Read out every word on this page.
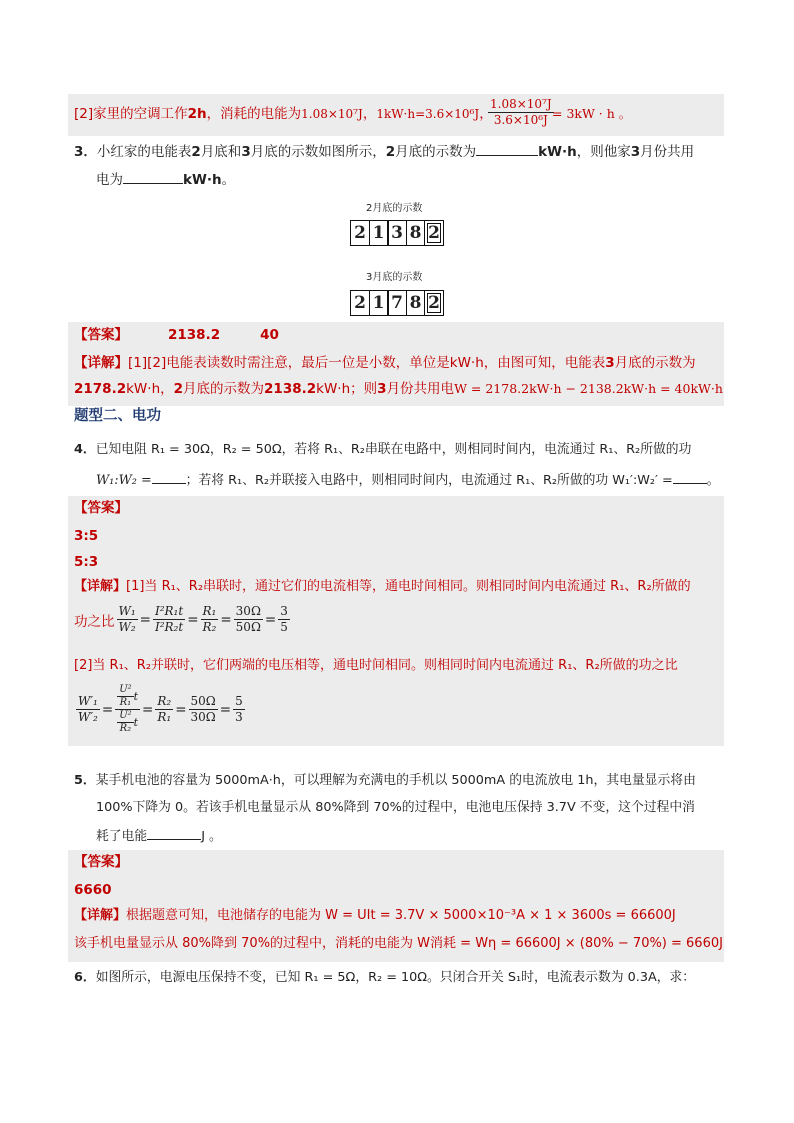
[2]家里的空调工作2h，消耗的电能为1.08×10⁷J，1kW·h=3.6×10⁶J，
$\frac{\text{1.08×10⁷J}}{\text{3.6×10⁶J}}$
= 3kW · h 。
3．小红家的电能表2月底和3月底的示数如图所示，2月底的示数为	kW·h，则他家3月份共用
电为	kW·h。
2月底的示数
2 1 3 8 2
3月底的示数
2 1 7 8 2
【答案】	2138.2	40
【详解】[1][2]电能表读数时需注意，最后一位是小数，单位是kW·h，由图可知，电能表3月底的示数为
2178.2kW·h，2月底的示数为2138.2kW·h；则3月份共用电W = 2178.2kW·h − 2138.2kW·h = 40kW·h
题型二、电功
4．已知电阻 R₁ = 30Ω，R₂ = 50Ω，若将 R₁、R₂串联在电路中，则相同时间内，电流通过 R₁、R₂所做的功
W₁:W₂ =	；若将 R₁、R₂并联接入电路中，则相同时间内，电流通过 R₁、R₂所做的功 W₁′:W₂′ =	。
【答案】
3:5
5:3
【详解】[1]当 R₁、R₂串联时，通过它们的电流相等，通电时间相同。则相同时间内电流通过 R₁、R₂所做的
功之比 $\frac{\text{W₁}}{\text{W₂}} = \frac{\text{I²R₁t}}{\text{I²R₂t}} = \frac{\text{R₁}}{\text{R₂}} = \frac{30\Omega}{50\Omega} = \frac{3}{5}$
[2]当 R₁、R₂并联时，它们两端的电压相等，通电时间相同。则相同时间内电流通过 R₁、R₂所做的功之比
$\frac{\text{W′₁}}{\text{W′₂}} = \frac{\frac{\text{U²}}{\text{R₁}} t}{\frac{\text{U²}}{\text{R₂}} t} = \frac{\text{R₂}}{\text{R₁}} = \frac{50\Omega}{30\Omega} = \frac{5}{3}$
5．某手机电池的容量为 5000mA·h，可以理解为充满电的手机以 5000mA 的电流放电 1h，其电量显示将由
100%下降为 0。若该手机电量显示从 80%降到 70%的过程中，电池电压保持 3.7V 不变，这个过程中消
耗了电能	J 。
【答案】
6660
【详解】根据题意可知，电池储存的电能为 W = UIt = 3.7V × 5000×10⁻³A × 1 × 3600s = 66600J
该手机电量显示从 80%降到 70%的过程中，消耗的电能为 W消耗 = Wη = 66600J × (80% − 70%) = 6660J
6．如图所示，电源电压保持不变，已知 R₁ = 5Ω，R₂ = 10Ω。只闭合开关 S₁时，电流表示数为 0.3A，求：
